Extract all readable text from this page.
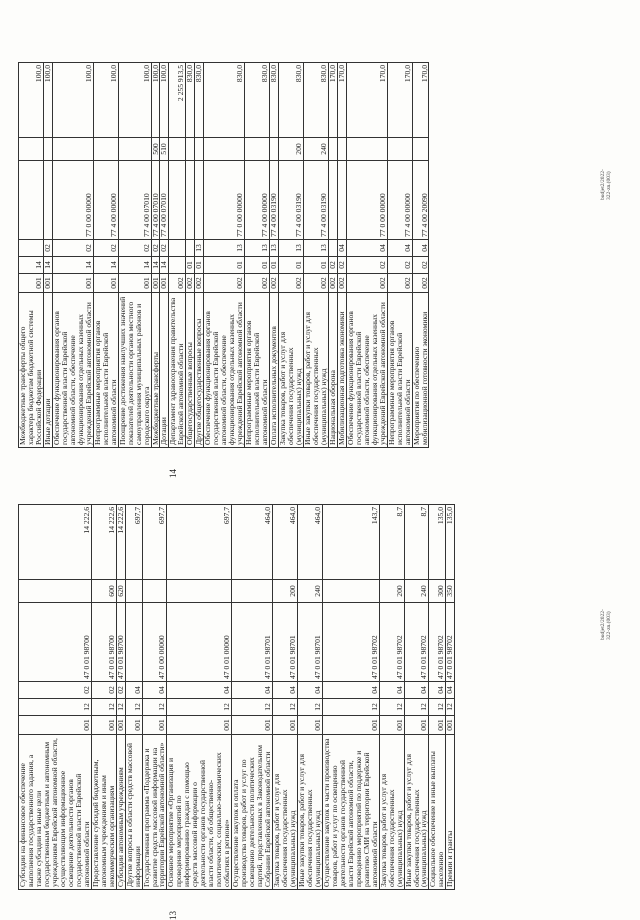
13
Субсидии на финансовое обеспечение выполнения государственного задания, а также субсидии на иные цели государственным бюджетным и автономным учреждениям Еврейской автономной области, осуществляющим информационное освещение деятельности органов государственной власти Еврейской автономной области	001	12	02	47 0 01 98700		14 222,6
Предоставление субсидий бюджетным, автономным учреждениям и иным некоммерческим организациям	001	12	02	47 0 01 98700	600	14 222,6
Субсидии автономным учреждениям	001	12	02	47 0 01 98700	620	14 222,6
Другие вопросы в области средств массовой информации	001	12	04			697,7
Государственная программа «Поддержка и развитие средств массовой информации на территории Еврейской автономной области»	001	12	04	47 0 00 00000		697,7
Основное мероприятие «Организация и проведение мероприятий по информированию граждан с помощью средств массовой информации о деятельности органов государственной власти области, об общественно-политических, социально-экономических событиях в регионе»	001	12	04	47 0 01 00000		697,7
Осуществление закупок и оплата производства товаров, работ и услуг по освещению деятельности политических партий, представленных в Законодательном Собрании Еврейской автономной области	001	12	04	47 0 01 98701		464,0
Закупка товаров, работ и услуг для обеспечения государственных (муниципальных) нужд	001	12	04	47 0 01 98701	200	464,0
Иные закупки товаров, работ и услуг для обеспечения государственных (муниципальных) нужд	001	12	04	47 0 01 98701	240	464,0
Осуществление закупок в части производства товаров, работ и услуг по освещению деятельности органов государственной власти Еврейской автономной области, проведению мероприятий по поддержке и развитию СМИ на территории Еврейской автономной области	001	12	04	47 0 01 98702		143,7
Закупка товаров, работ и услуг для обеспечения государственных (муниципальных) нужд	001	12	04	47 0 01 98702	200	8,7
Иные закупки товаров, работ и услуг для обеспечения государственных (муниципальных) нужд	001	12	04	47 0 01 98702	240	8,7
Социальное обеспечение и иные выплаты населению	001	12	04	47 0 01 98702	300	135,0
Премии и гранты	001	12	04	47 0 01 98702	350	135,0
budjet2/2022-322-zn.(003)
14
Межбюджетные трансферты общего характера бюджетам бюджетной системы Российской Федерации	001	14				100,0
Иные дотации	001	14	02			100,0
Обеспечение функционирования органов государственной власти Еврейской автономной области, обеспечение функционирования отдельных казенных учреждений Еврейской автономной области	001	14	02	77 0 00 00000		100,0
Непрограммные мероприятия органов исполнительной власти Еврейской автономной области	001	14	02	77 4 00 00000		100,0
Поощрение достижения наилучших значений показателей деятельности органов местного самоуправления муниципальных районов и городского округа	001	14	02	77 4 00 07010		100,0
Межбюджетные трансферты	001	14	02	77 4 00 07010	500	100,0
Дотации	001	14	02	77 4 00 07010	510	100,0
Департамент здравоохранения правительства Еврейской автономной области	002					2 255 913,5
Общегосударственные вопросы	002	01				830,0
Другие общегосударственные вопросы	002	01	13			830,0
Обеспечение функционирования органов государственной власти Еврейской автономной области, обеспечение функционирования отдельных казенных учреждений Еврейской автономной области	002	01	13	77 0 00 00000		830,0
Непрограммные мероприятия органов исполнительной власти Еврейской автономной области	002	01	13	77 4 00 00000		830,0
Оплата исполнительных документов	002	01	13	77 4 00 03190		830,0
Закупка товаров, работ и услуг для обеспечения государственных (муниципальных) нужд	002	01	13	77 4 00 03190	200	830,0
Иные закупки товаров, работ и услуг для обеспечения государственных (муниципальных) нужд	002	01	13	77 4 00 03190	240	830,0
Национальная оборона	002	02				170,0
Мобилизационная подготовка экономики	002	02	04			170,0
Обеспечение функционирования органов государственной власти Еврейской автономной области, обеспечение функционирования отдельных казенных учреждений Еврейской автономной области	002	02	04	77 0 00 00000		170,0
Непрограммные мероприятия органов исполнительной власти Еврейской автономной области	002	02	04	77 4 00 00000		170,0
Мероприятия по обеспечению мобилизационной готовности экономики	002	02	04	77 4 00 20090		170,0
budjet2/2022-322-zn.(003)
